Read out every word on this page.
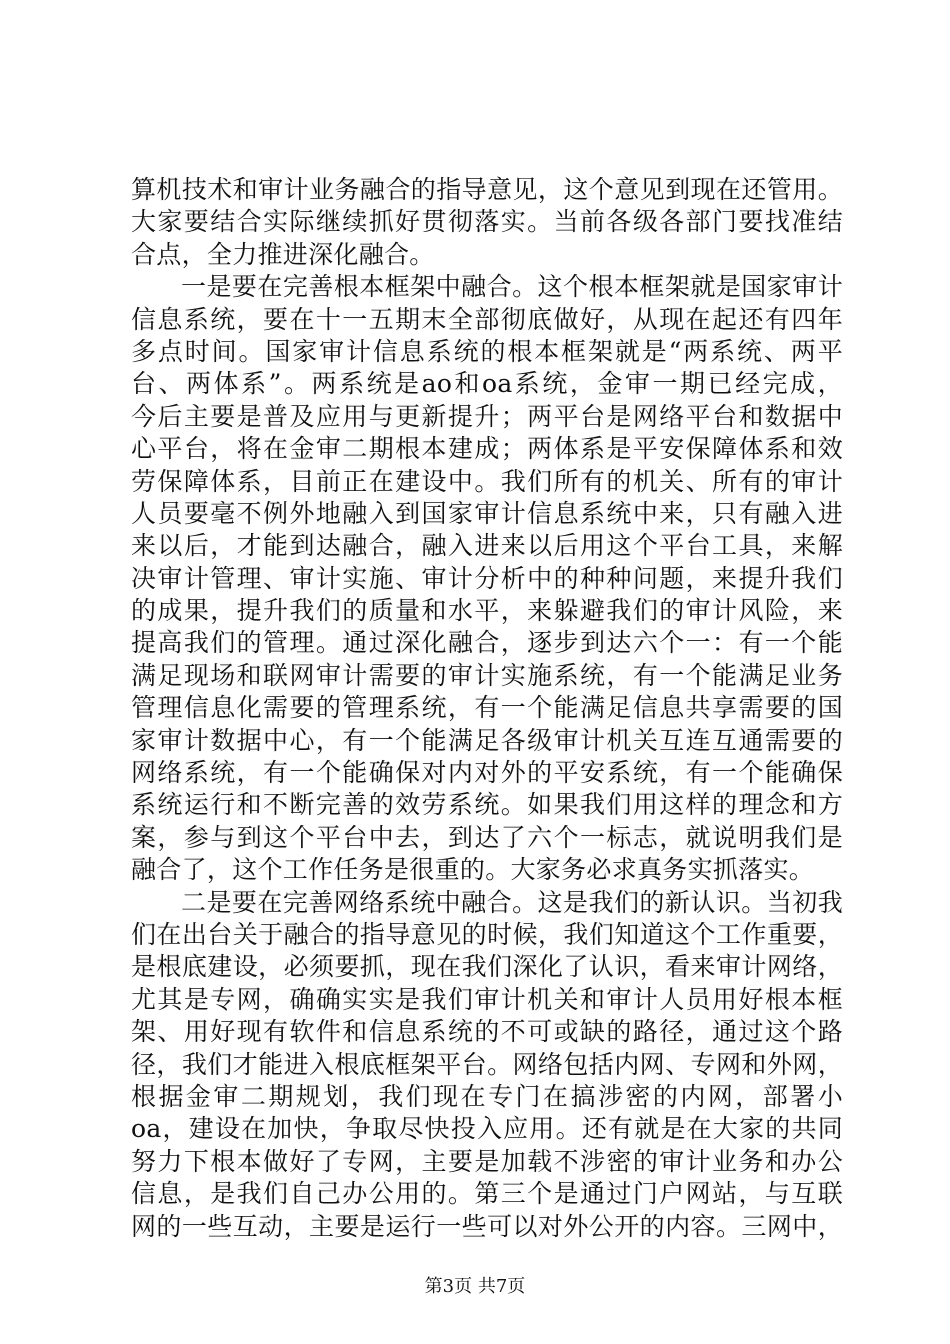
算机技术和审计业务融合的指导意见，这个意见到现在还管用。
大家要结合实际继续抓好贯彻落实。当前各级各部门要找准结
合点，全力推进深化融合。
一是要在完善根本框架中融合。这个根本框架就是国家审计
信息系统，要在十一五期末全部彻底做好，从现在起还有四年
多点时间。国家审计信息系统的根本框架就是“两系统、两平
台、两体系”。两系统是ao和oa系统，金审一期已经完成，
今后主要是普及应用与更新提升；两平台是网络平台和数据中
心平台，将在金审二期根本建成；两体系是平安保障体系和效
劳保障体系，目前正在建设中。我们所有的机关、所有的审计
人员要毫不例外地融入到国家审计信息系统中来，只有融入进
来以后，才能到达融合，融入进来以后用这个平台工具，来解
决审计管理、审计实施、审计分析中的种种问题，来提升我们
的成果，提升我们的质量和水平，来躲避我们的审计风险，来
提高我们的管理。通过深化融合，逐步到达六个一：有一个能
满足现场和联网审计需要的审计实施系统，有一个能满足业务
管理信息化需要的管理系统，有一个能满足信息共享需要的国
家审计数据中心，有一个能满足各级审计机关互连互通需要的
网络系统，有一个能确保对内对外的平安系统，有一个能确保
系统运行和不断完善的效劳系统。如果我们用这样的理念和方
案，参与到这个平台中去，到达了六个一标志，就说明我们是
融合了，这个工作任务是很重的。大家务必求真务实抓落实。
二是要在完善网络系统中融合。这是我们的新认识。当初我
们在出台关于融合的指导意见的时候，我们知道这个工作重要，
是根底建设，必须要抓，现在我们深化了认识，看来审计网络，
尤其是专网，确确实实是我们审计机关和审计人员用好根本框
架、用好现有软件和信息系统的不可或缺的路径，通过这个路
径，我们才能进入根底框架平台。网络包括内网、专网和外网，
根据金审二期规划，我们现在专门在搞涉密的内网，部署小
oa，建设在加快，争取尽快投入应用。还有就是在大家的共同
努力下根本做好了专网，主要是加载不涉密的审计业务和办公
信息，是我们自己办公用的。第三个是通过门户网站，与互联
网的一些互动，主要是运行一些可以对外公开的内容。三网中，
第3页 共7页
